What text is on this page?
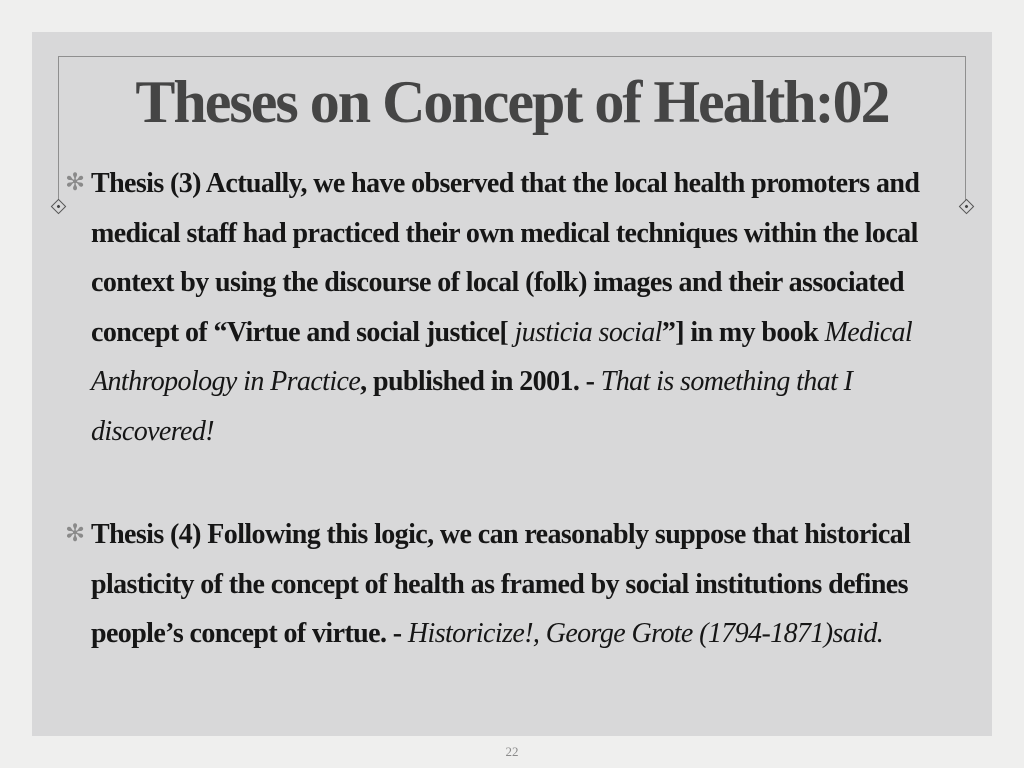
Theses on Concept of Health:02
✻ Thesis (3) Actually, we have observed that the local health promoters and medical staff had practiced their own medical techniques within the local context by using the discourse of local (folk) images and their associated concept of “Virtue and social justice[ justicia social”] in my book Medical Anthropology in Practice, published in 2001. - That is something that I discovered!
✻ Thesis (4) Following this logic, we can reasonably suppose that historical plasticity of the concept of health as framed by social institutions defines people’s concept of virtue. - Historicize!, George Grote (1794-1871)said.
22
